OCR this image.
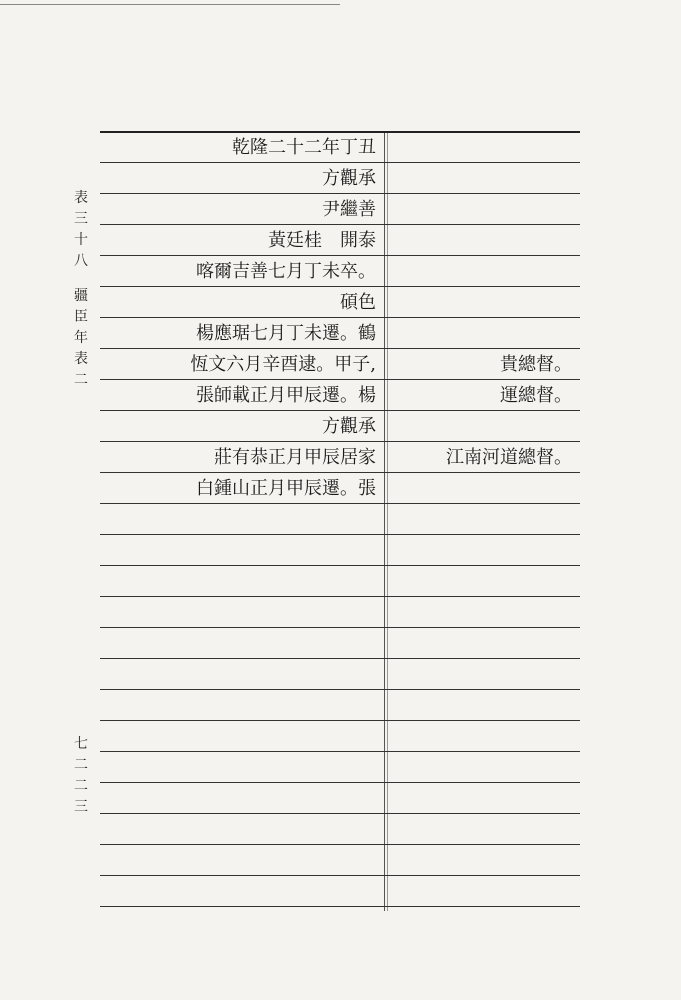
表
三
十
八
疆
臣
年
表
二
七
二
二
三
乾隆二十二年丁丑
方觀承
尹繼善
黃廷桂　開泰
喀爾吉善七月丁未卒。
碩色
楊應琚七月丁未遷。鶴
恆文六月辛酉逮。甲子,	貴總督。
張師載正月甲辰遷。楊	運總督。
方觀承
莊有恭正月甲辰居家	江南河道總督。
白鍾山正月甲辰遷。張
